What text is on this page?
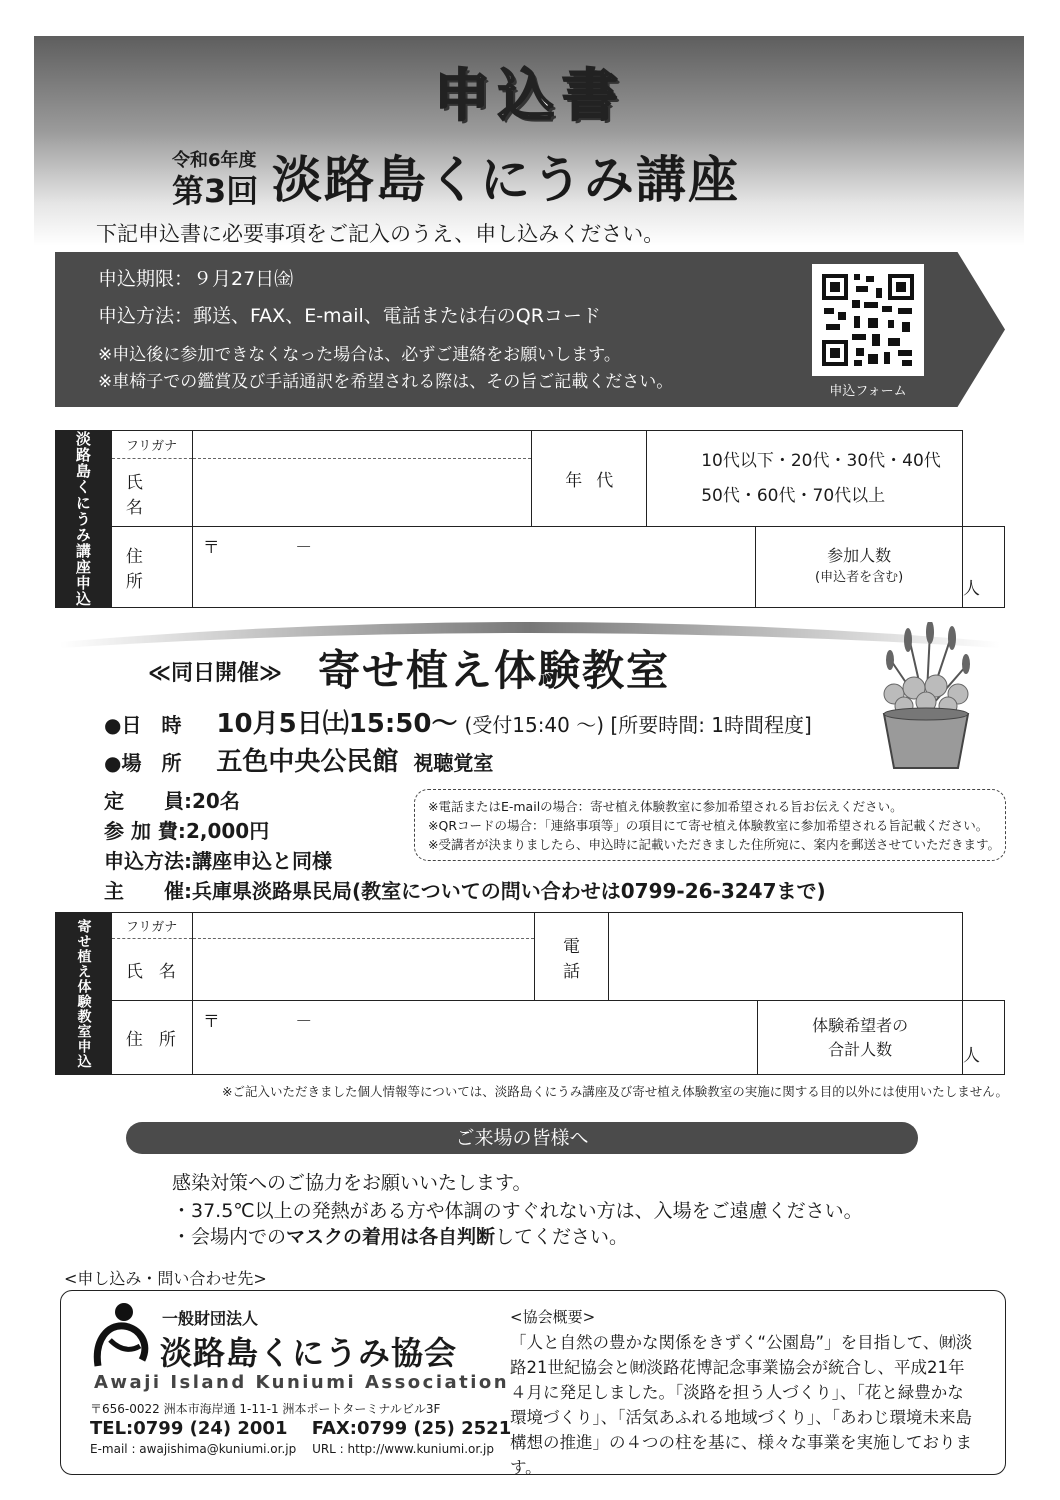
申込書
令和6年度
第3回 淡路島くにうみ講座
下記申込書に必要事項をご記入のうえ、申し込みください。
申込期限：９月27日㈮
申込方法：郵送、FAX、E-mail、電話または右のQRコード
※申込後に参加できなくなった場合は、必ずご連絡をお願いします。
※車椅子での鑑賞及び手話通訳を希望される際は、その旨ご記載ください。	申込フォーム
淡路島くにうみ講座申込	フリガナ		年代	10代以下・20代・30代・40代
50代・60代・70代以上		

	氏名					
	住所	〒 －			参加人数
(申込者を含む)	人
≪同日開催≫ 寄せ植え体験教室
●日　時 10月5日㈯15:50～ (受付15:40 ～) [所要時間: 1時間程度]
●場　所 五色中央公民館 視聴覚室
定　　員:20名
参 加 費:2,000円
申込方法:講座申込と同様
主　　催:兵庫県淡路県民局(教室についての問い合わせは0799-26-3247まで)
※電話またはE-mailの場合：寄せ植え体験教室に参加希望される旨お伝えください。
※QRコードの場合：「連絡事項等」の項目にて寄せ植え体験教室に参加希望される旨記載ください。
※受講者が決まりましたら、申込時に記載いただきました住所宛に、案内を郵送させていただきます。
寄せ植え体験教室申込	フリガナ		電話			
	氏名					
	住所	〒 －			体験希望者の
合計人数	人
※ご記入いただきました個人情報等については、淡路島くにうみ講座及び寄せ植え体験教室の実施に関する目的以外には使用いたしません。
ご来場の皆様へ
感染対策へのご協力をお願いいたします。
・37.5℃以上の発熱がある方や体調のすぐれない方は、入場をご遠慮ください。
・会場内でのマスクの着用は各自判断してください。
<申し込み・問い合わせ先>
一般財団法人
淡路島くにうみ協会
Awaji Island Kuniumi Association
〒656-0022 洲本市海岸通 1-11-1 洲本ポートターミナルビル3F
TEL:0799 (24) 2001 FAX:0799 (25) 2521
E-mail : awajishima@kuniumi.or.jp URL : http://www.kuniumi.or.jp
<協会概要>
「人と自然の豊かな関係をきずく“公園島”」を目指して、㈶淡路21世紀協会と㈶淡路花博記念事業協会が統合し、平成21年４月に発足しました。「淡路を担う人づくり」、「花と緑豊かな環境づくり」、「活気あふれる地域づくり」、「あわじ環境未来島構想の推進」の４つの柱を基に、様々な事業を実施しております。
